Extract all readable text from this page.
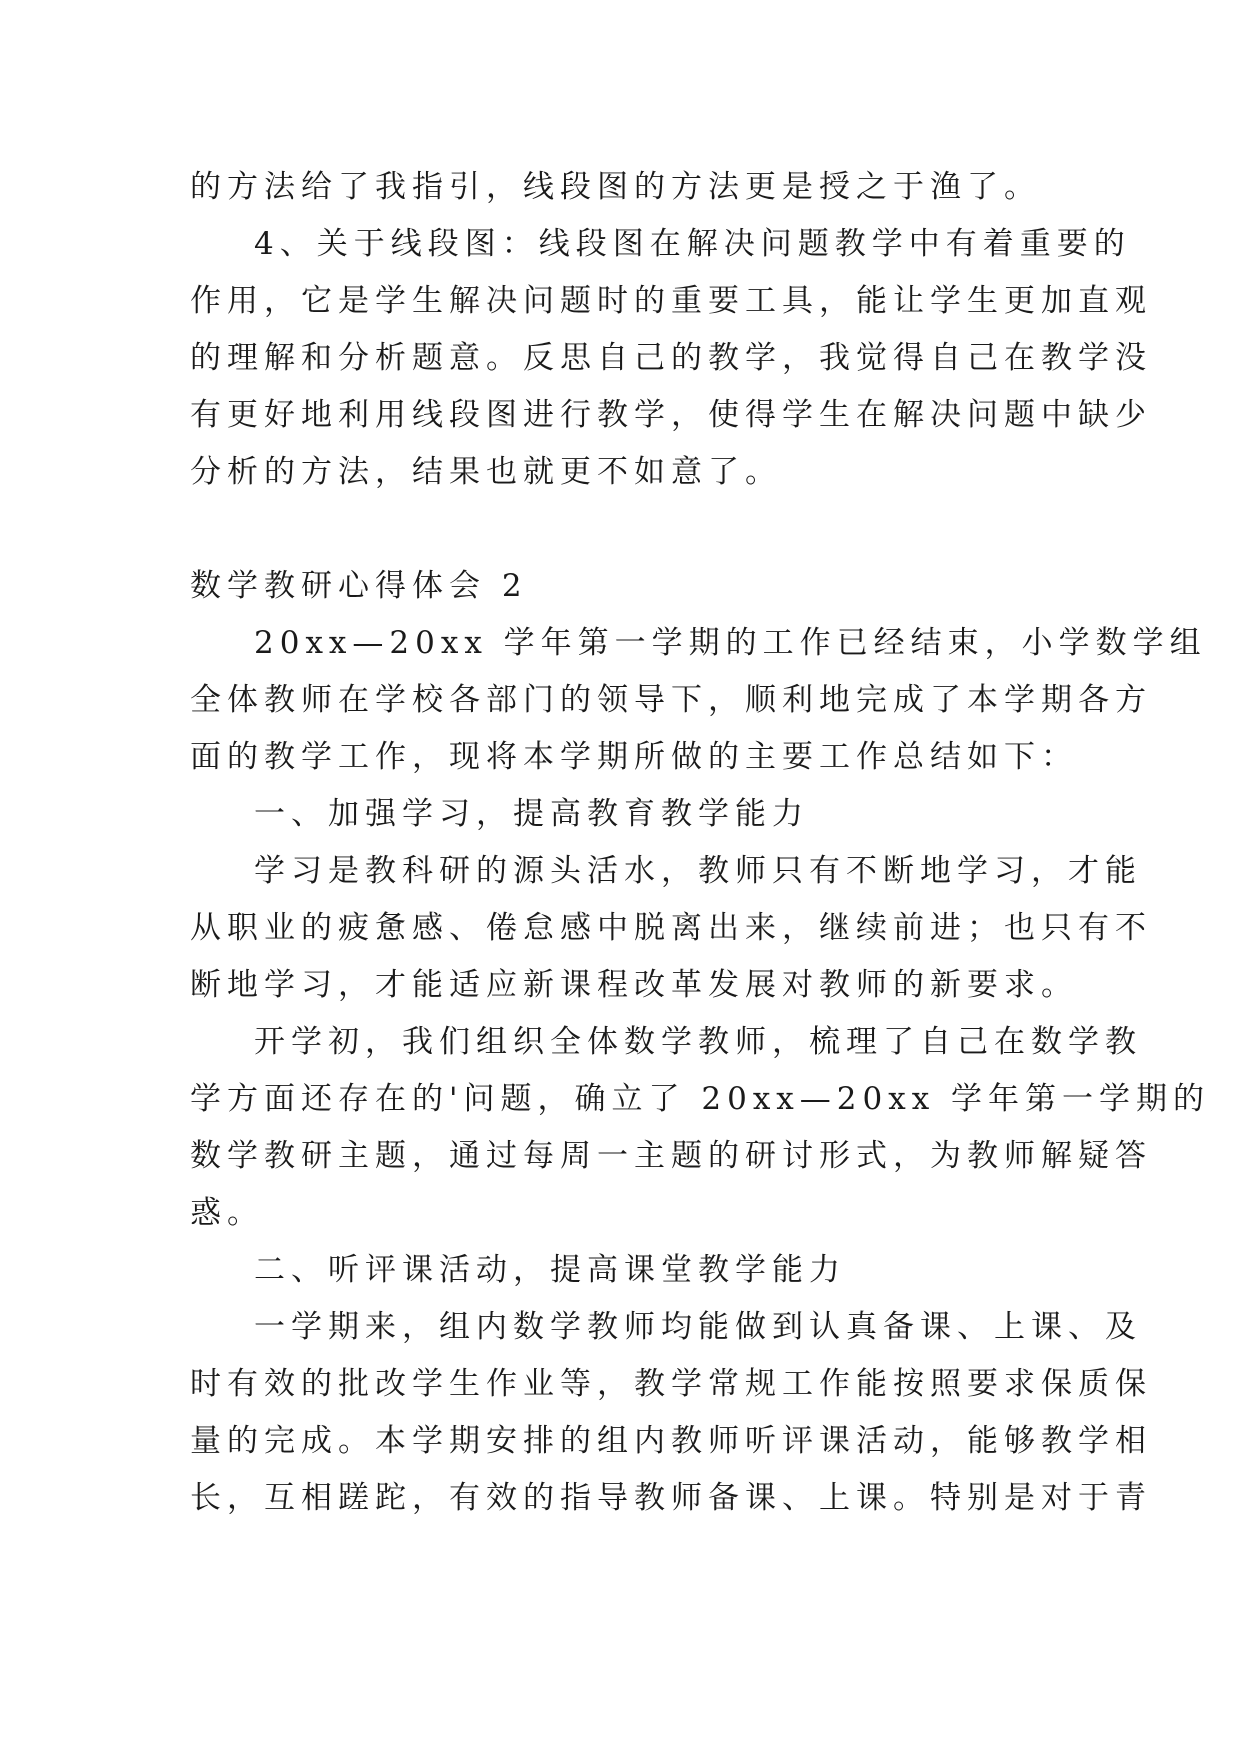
的方法给了我指引，线段图的方法更是授之于渔了。
4、关于线段图：线段图在解决问题教学中有着重要的
作用，它是学生解决问题时的重要工具，能让学生更加直观
的理解和分析题意。反思自己的教学，我觉得自己在教学没
有更好地利用线段图进行教学，使得学生在解决问题中缺少
分析的方法，结果也就更不如意了。
数学教研心得体会 2
20xx—20xx 学年第一学期的工作已经结束，小学数学组
全体教师在学校各部门的领导下，顺利地完成了本学期各方
面的教学工作，现将本学期所做的主要工作总结如下：
一、加强学习，提高教育教学能力
学习是教科研的源头活水，教师只有不断地学习，才能
从职业的疲惫感、倦怠感中脱离出来，继续前进；也只有不
断地学习，才能适应新课程改革发展对教师的新要求。
开学初，我们组织全体数学教师，梳理了自己在数学教
学方面还存在的'问题，确立了 20xx—20xx 学年第一学期的
数学教研主题，通过每周一主题的研讨形式，为教师解疑答
惑。
二、听评课活动，提高课堂教学能力
一学期来，组内数学教师均能做到认真备课、上课、及
时有效的批改学生作业等，教学常规工作能按照要求保质保
量的完成。本学期安排的组内教师听评课活动，能够教学相
长，互相蹉跎，有效的指导教师备课、上课。特别是对于青
